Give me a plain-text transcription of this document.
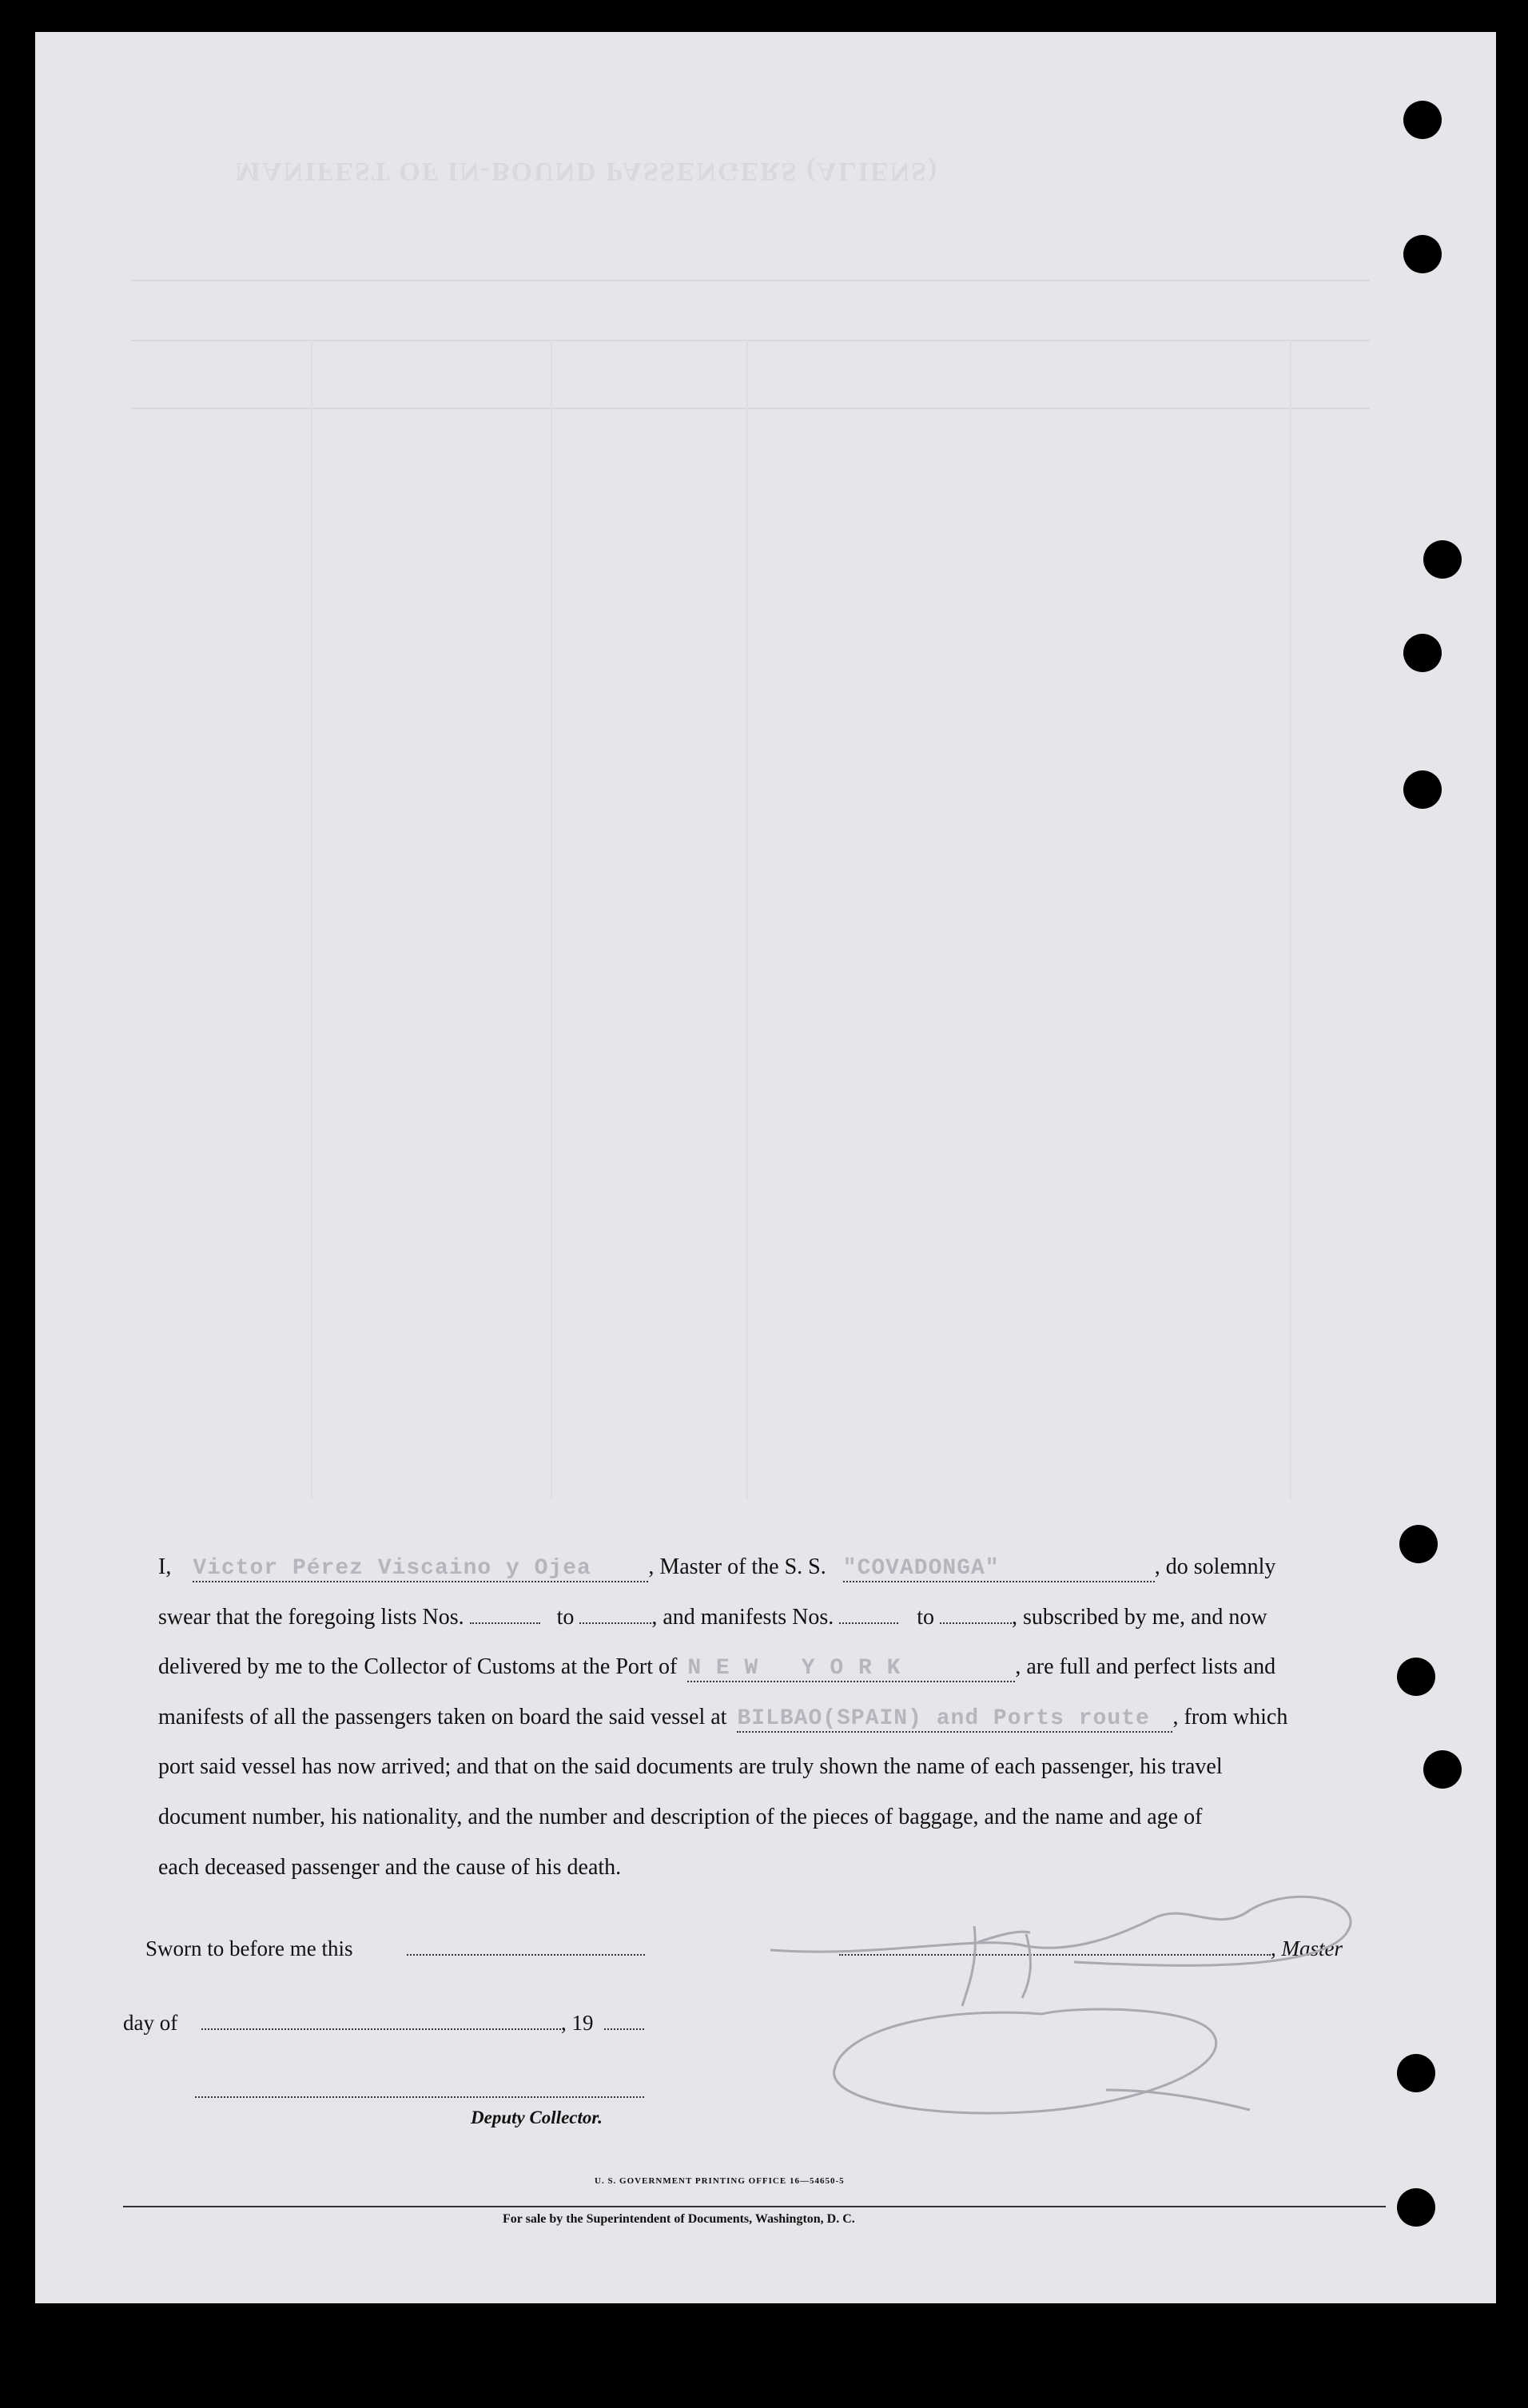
MANIFEST OF IN-BOUND PASSENGERS (ALIENS)
I, Victor Pérez Viscaino y Ojea	, Master of the S. S. "COVADONGA"	, do solemnly
swear that the foregoing lists Nos.	to	, and manifests Nos.	to	, subscribed by me, and now
delivered by me to the Collector of Customs at the Port of N E W   Y O R K	, are full and perfect lists and
manifests of all the passengers taken on board the said vessel at BILBAO(SPAIN) and Ports route , from which
port said vessel has now arrived; and that on the said documents are truly shown the name of each passenger, his travel
document number, his nationality, and the number and description of the pieces of baggage, and the name and age of
each deceased passenger and the cause of his death.
Sworn to before me this	, Master
day of	, 19
Deputy Collector.
U. S. GOVERNMENT PRINTING OFFICE 16—54650-5
For sale by the Superintendent of Documents, Washington, D. C.
